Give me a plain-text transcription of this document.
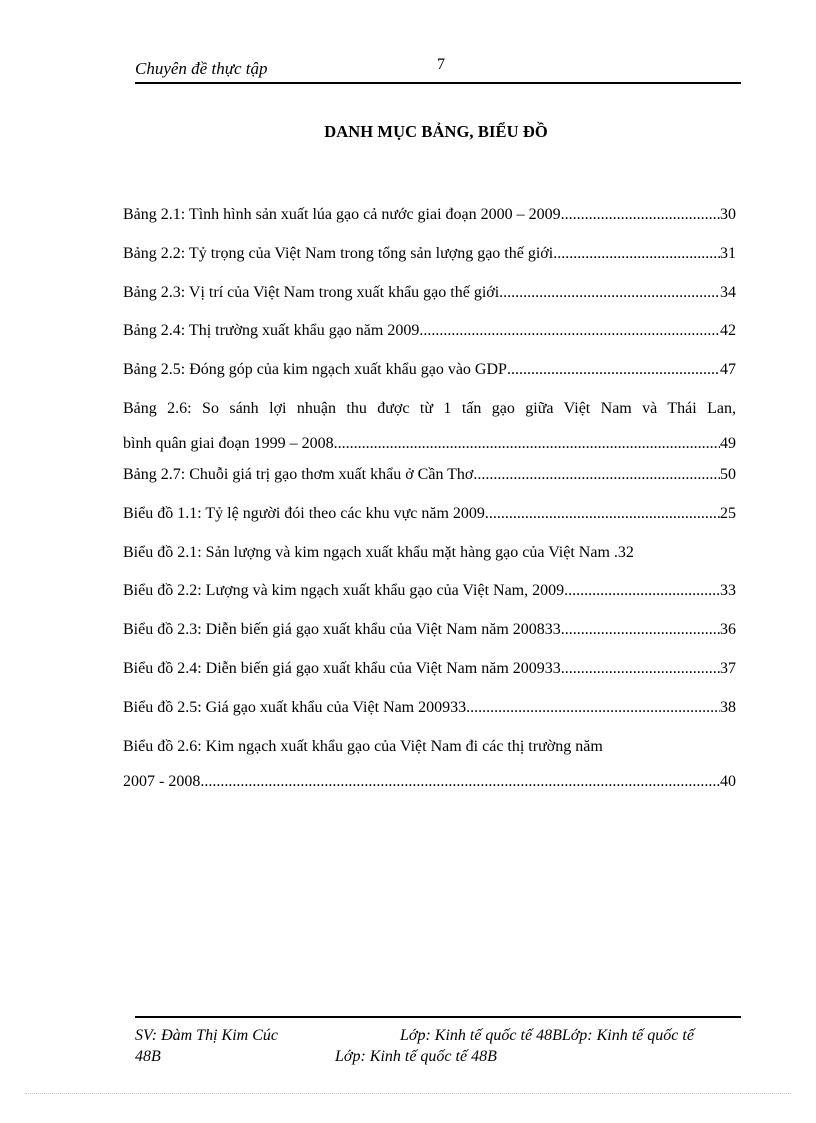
Chuyên đề thực tập	7
DANH MỤC BẢNG, BIỂU ĐỒ
Bảng 2.1: Tình hình sản xuất lúa gạo cả nước giai đoạn 2000 – 2009 .....	30
Bảng 2.2: Tỷ trọng của Việt Nam trong tổng sản lượng gạo thế giới .....	31
Bảng 2.3: Vị trí của Việt Nam trong xuất khẩu gạo thế giới .....	34
Bảng 2.4: Thị trường xuất khẩu gạo năm 2009 .....	42
Bảng 2.5: Đóng góp của kim ngạch xuất khẩu gạo vào GDP .....	47
Bảng 2.6: So sánh lợi nhuận thu được từ 1 tấn gạo giữa Việt Nam và Thái Lan,
bình quân giai đoạn 1999 – 2008 .....	49
Bảng 2.7: Chuỗi giá trị gạo thơm xuất khẩu ở Cần Thơ .....	50
Biểu đồ 1.1: Tỷ lệ người đói theo các khu vực năm 2009 .....	25
Biểu đồ 2.1: Sản lượng và kim ngạch xuất khẩu mặt hàng gạo của Việt Nam . 32
Biểu đồ 2.2: Lượng và kim ngạch xuất khẩu gạo của Việt Nam, 2009 .....	33
Biểu đồ 2.3: Diễn biến giá gạo xuất khẩu của Việt Nam năm 200833 .....	36
Biểu đồ 2.4: Diễn biến giá gạo xuất khẩu của Việt Nam năm 200933 .....	37
Biểu đồ 2.5: Giá gạo xuất khẩu của Việt Nam 200933 .....	38
Biểu đồ 2.6: Kim ngạch xuất khẩu gạo của Việt Nam đi các thị trường năm
2007 - 2008 .....	40
SV: Đàm Thị Kim Cúc	Lớp: Kinh tế quốc tế 48BLớp: Kinh tế quốc tế
48B	Lớp: Kinh tế quốc tế 48B
